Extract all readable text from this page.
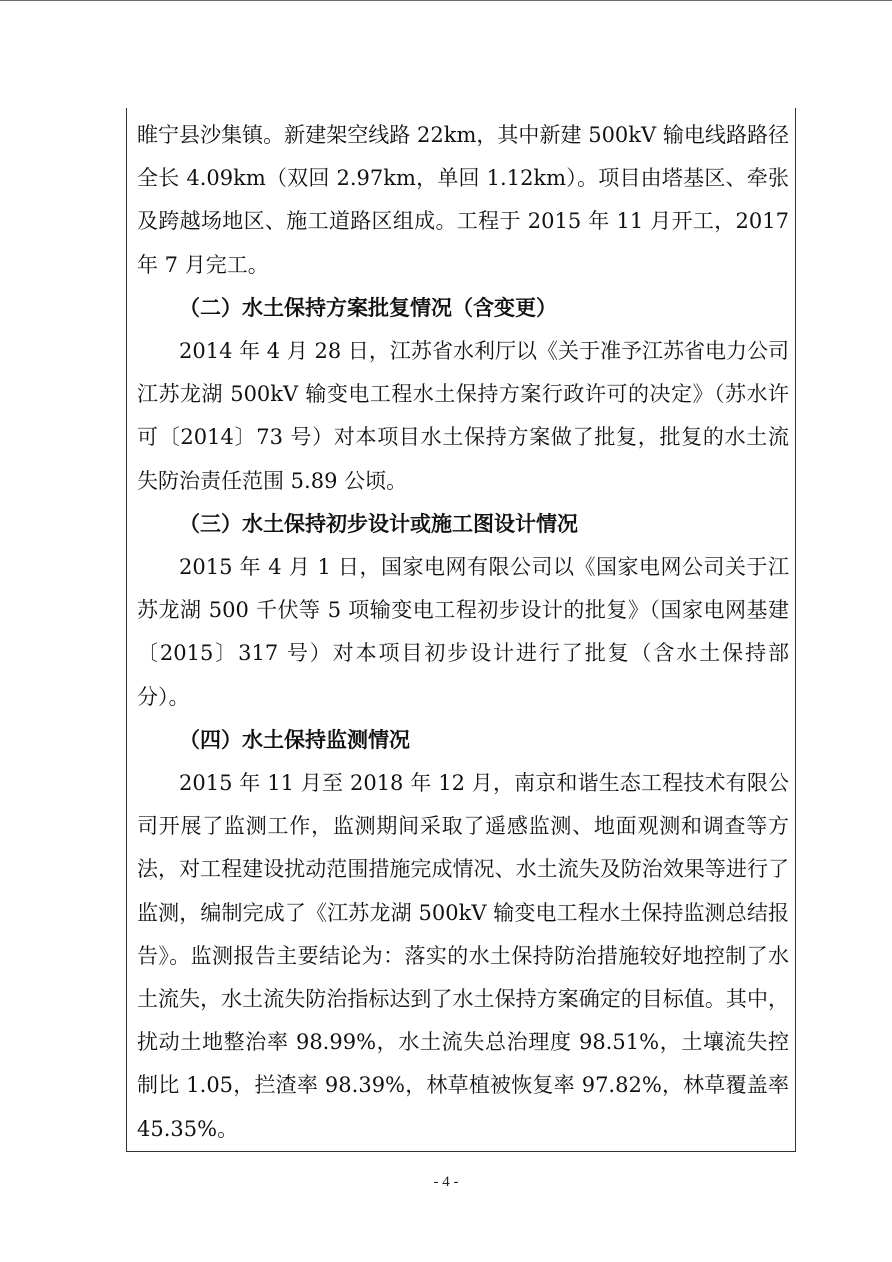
睢宁县沙集镇。新建架空线路 22km，其中新建 500kV 输电线路路径全长 4.09km（双回 2.97km，单回 1.12km）。项目由塔基区、牵张及跨越场地区、施工道路区组成。工程于 2015 年 11 月开工，2017 年 7 月完工。

（二）水土保持方案批复情况（含变更）

2014 年 4 月 28 日，江苏省水利厅以《关于准予江苏省电力公司江苏龙湖 500kV 输变电工程水土保持方案行政许可的决定》（苏水许可〔2014〕73 号）对本项目水土保持方案做了批复，批复的水土流失防治责任范围 5.89 公顷。

（三）水土保持初步设计或施工图设计情况

2015 年 4 月 1 日，国家电网有限公司以《国家电网公司关于江苏龙湖 500 千伏等 5 项输变电工程初步设计的批复》（国家电网基建〔2015〕317 号）对本项目初步设计进行了批复（含水土保持部分）。

（四）水土保持监测情况

2015 年 11 月至 2018 年 12 月，南京和谐生态工程技术有限公司开展了监测工作，监测期间采取了遥感监测、地面观测和调查等方法，对工程建设扰动范围措施完成情况、水土流失及防治效果等进行了监测，编制完成了《江苏龙湖 500kV 输变电工程水土保持监测总结报告》。监测报告主要结论为：落实的水土保持防治措施较好地控制了水土流失，水土流失防治指标达到了水土保持方案确定的目标值。其中，扰动土地整治率 98.99%，水土流失总治理度 98.51%，土壤流失控制比 1.05，拦渣率 98.39%，林草植被恢复率 97.82%，林草覆盖率 45.35%。

- 4 -
